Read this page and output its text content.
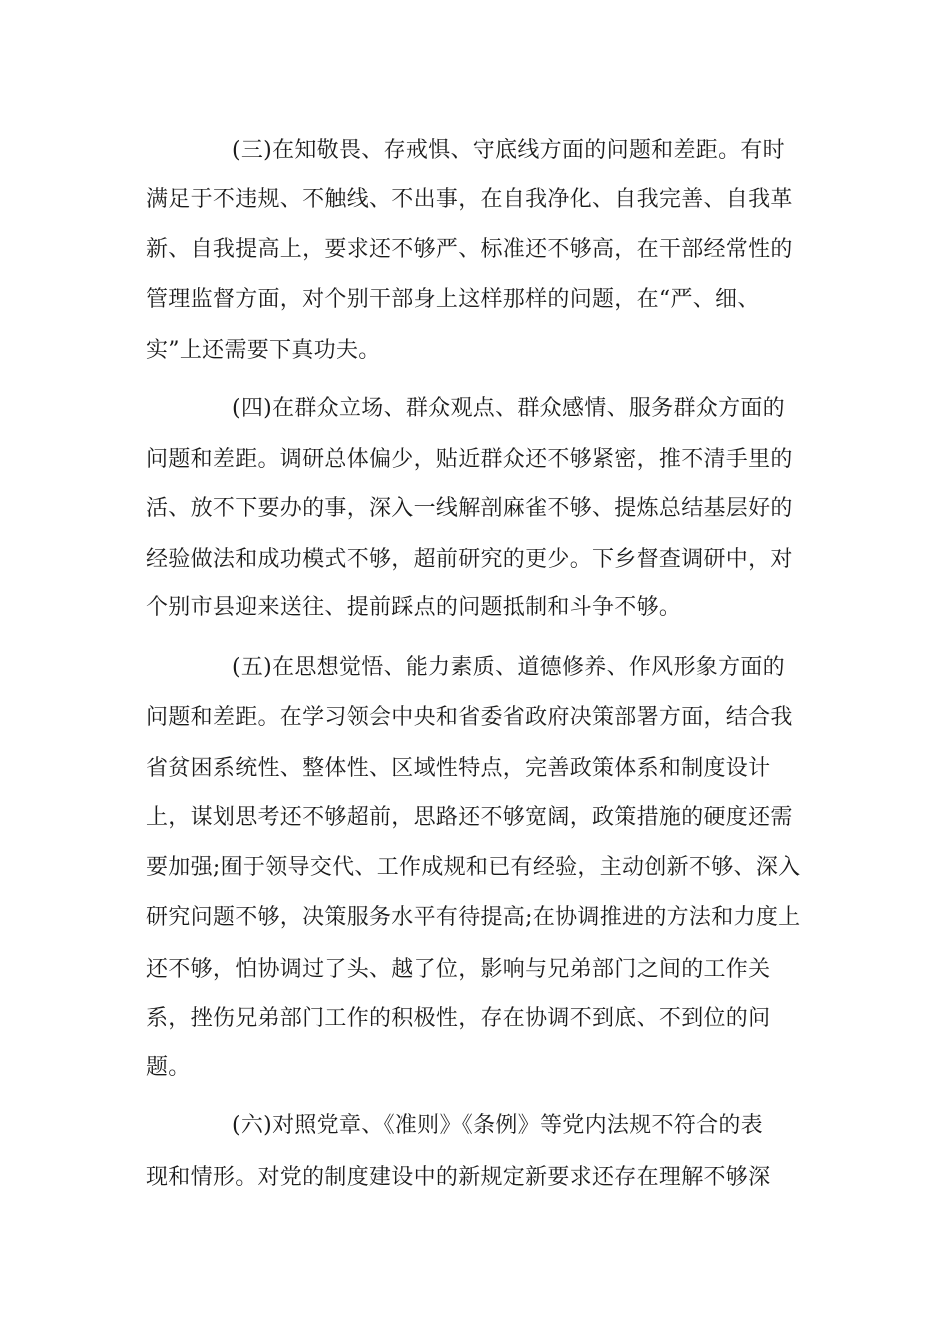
(三)在知敬畏、存戒惧、守底线方面的问题和差距。有时
满足于不违规、不触线、不出事，在自我净化、自我完善、自我革
新、自我提高上，要求还不够严、标准还不够高，在干部经常性的
管理监督方面，对个别干部身上这样那样的问题，在“严、细、
实”上还需要下真功夫。
(四)在群众立场、群众观点、群众感情、服务群众方面的
问题和差距。调研总体偏少，贴近群众还不够紧密，推不清手里的
活、放不下要办的事，深入一线解剖麻雀不够、提炼总结基层好的
经验做法和成功模式不够，超前研究的更少。下乡督查调研中，对
个别市县迎来送往、提前踩点的问题抵制和斗争不够。
(五)在思想觉悟、能力素质、道德修养、作风形象方面的
问题和差距。在学习领会中央和省委省政府决策部署方面，结合我
省贫困系统性、整体性、区域性特点，完善政策体系和制度设计
上，谋划思考还不够超前，思路还不够宽阔，政策措施的硬度还需
要加强;囿于领导交代、工作成规和已有经验，主动创新不够、深入
研究问题不够，决策服务水平有待提高;在协调推进的方法和力度上
还不够，怕协调过了头、越了位，影响与兄弟部门之间的工作关
系，挫伤兄弟部门工作的积极性，存在协调不到底、不到位的问
题。
(六)对照党章、《准则》《条例》等党内法规不符合的表
现和情形。对党的制度建设中的新规定新要求还存在理解不够深
